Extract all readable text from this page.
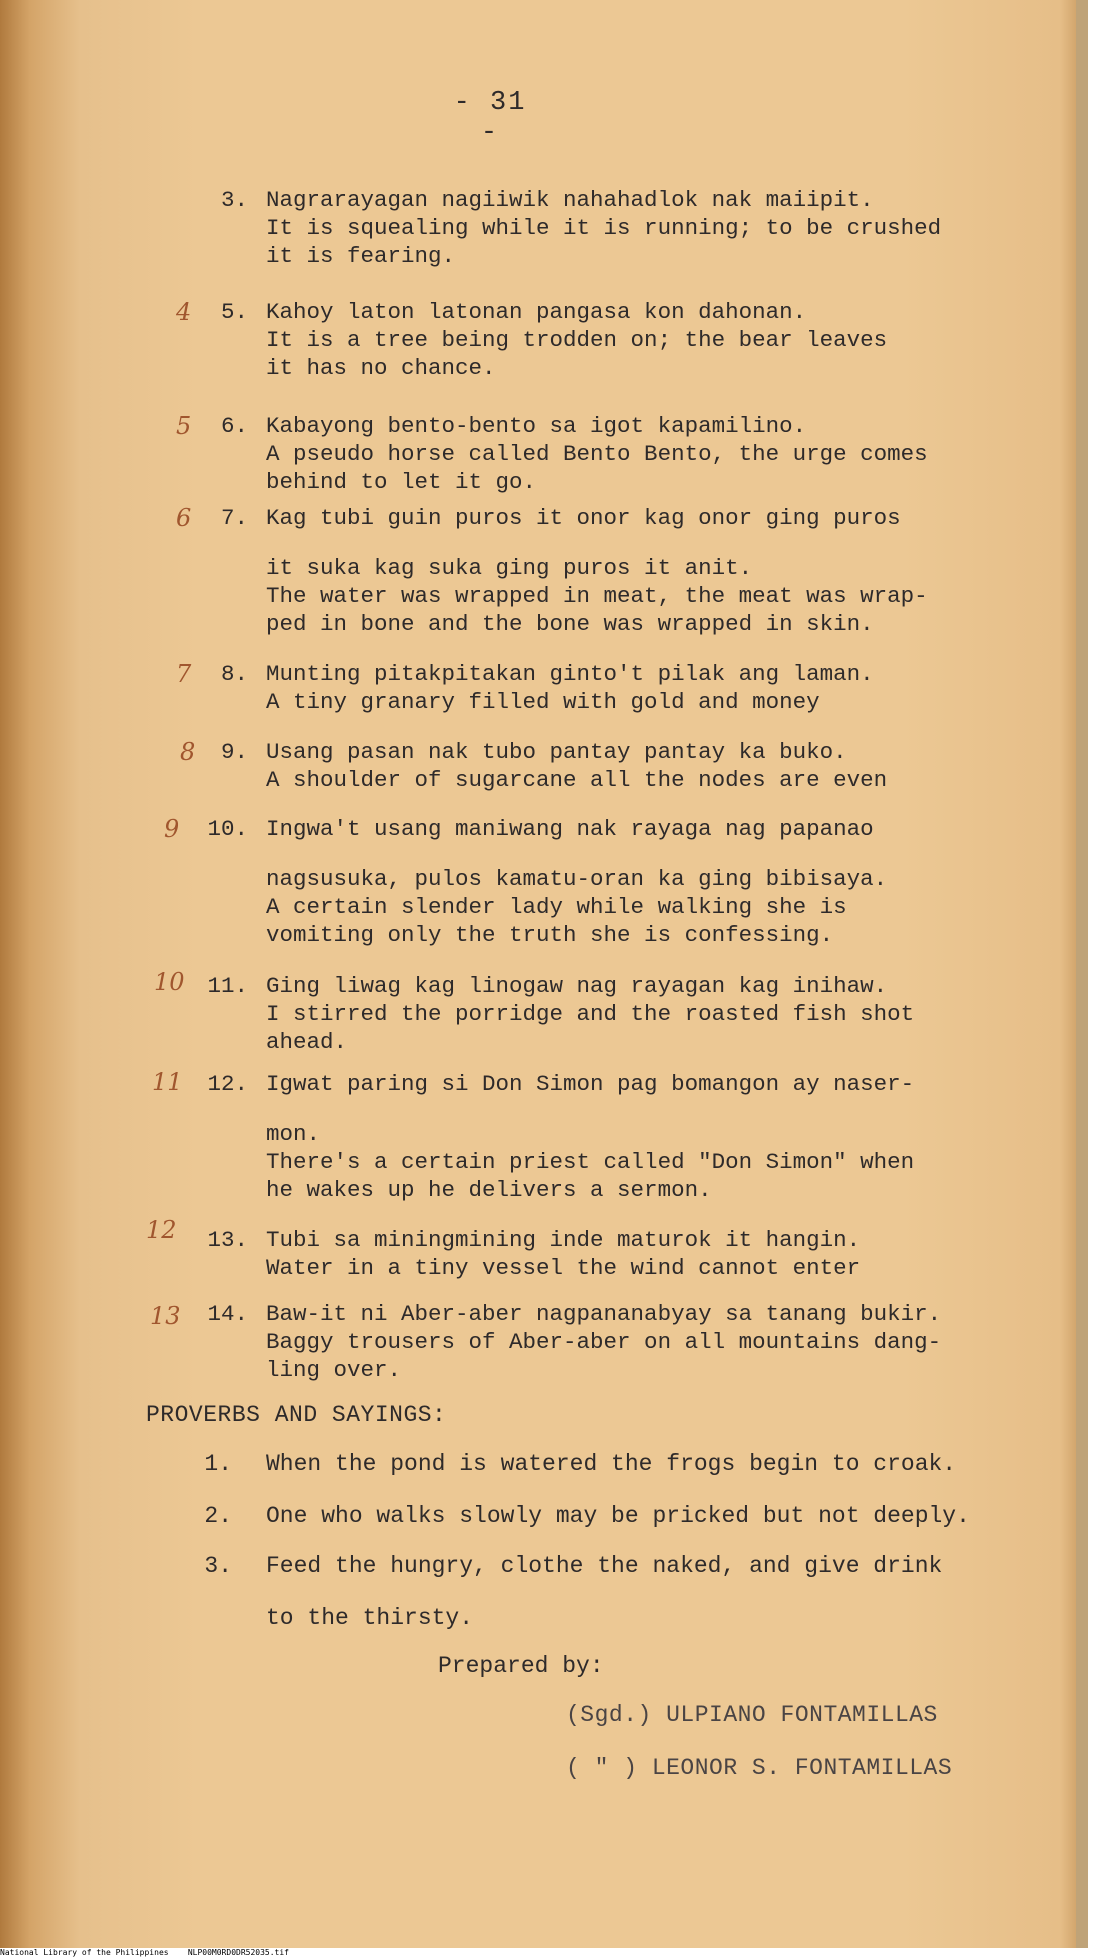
- 31 -
3. Nagrarayagan nagiiwik nahahadlok nak maiipit.
It is squealing while it is running; to be crushed
it is fearing.
4	5. Kahoy laton latonan pangasa kon dahonan.
It is a tree being trodden on; the bear leaves
it has no chance.
5	6. Kabayong bento-bento sa igot kapamilino.
A pseudo horse called Bento Bento, the urge comes
behind to let it go.
6	7. Kag tubi guin puros it onor kag onor ging puros
it suka kag suka ging puros it anit.
The water was wrapped in meat, the meat was wrap-
ped in bone and the bone was wrapped in skin.
7	8. Munting pitakpitakan ginto't pilak ang laman.
A tiny granary filled with gold and money
8	9. Usang pasan nak tubo pantay pantay ka buko.
A shoulder of sugarcane all the nodes are even
9	10. Ingwa't usang maniwang nak rayaga nag papanao
nagsusuka, pulos kamatu-oran ka ging bibisaya.
A certain slender lady while walking she is
vomiting only the truth she is confessing.
10	11. Ging liwag kag linogaw nag rayagan kag inihaw.
I stirred the porridge and the roasted fish shot
ahead.
11	12. Igwat paring si Don Simon pag bomangon ay naser-
mon.
There's a certain priest called "Don Simon" when
he wakes up he delivers a sermon.
12	13. Tubi sa miningmining inde maturok it hangin.
Water in a tiny vessel the wind cannot enter
13	14. Baw-it ni Aber-aber nagpananabyay sa tanang bukir.
Baggy trousers of Aber-aber on all mountains dang-
ling over.
PROVERBS AND SAYINGS:
1. When the pond is watered the frogs begin to croak.
2. One who walks slowly may be pricked but not deeply.
3. Feed the hungry, clothe the naked, and give drink
to the thirsty.
Prepared by:
(Sgd.) ULPIANO FONTAMILLAS
( " ) LEONOR S. FONTAMILLAS
National Library of the Philippines    NLP00M0RD0DR52035.tif
